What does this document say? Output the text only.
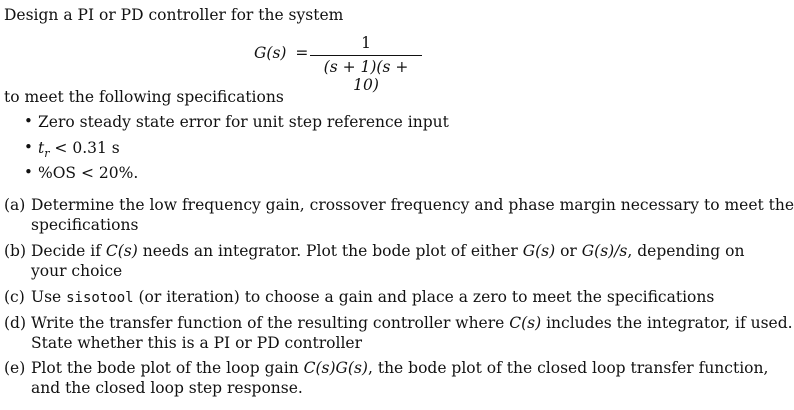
Design a PI or PD controller for the system
G(s) =
1
(s + 1)(s + 10)
to meet the following specifications
• Zero steady state error for unit step reference input
• $t_r < 0.31$ s
• %OS < 20%.
(a) Determine the low frequency gain, crossover frequency and phase margin necessary to meet the
specifications
(b) Decide if C(s) needs an integrator. Plot the bode plot of either G(s) or G(s)/s, depending on
your choice
(c) Use sisotool (or iteration) to choose a gain and place a zero to meet the specifications
(d) Write the transfer function of the resulting controller where C(s) includes the integrator, if used.
State whether this is a PI or PD controller
(e) Plot the bode plot of the loop gain C(s)G(s), the bode plot of the closed loop transfer function,
and the closed loop step response.
